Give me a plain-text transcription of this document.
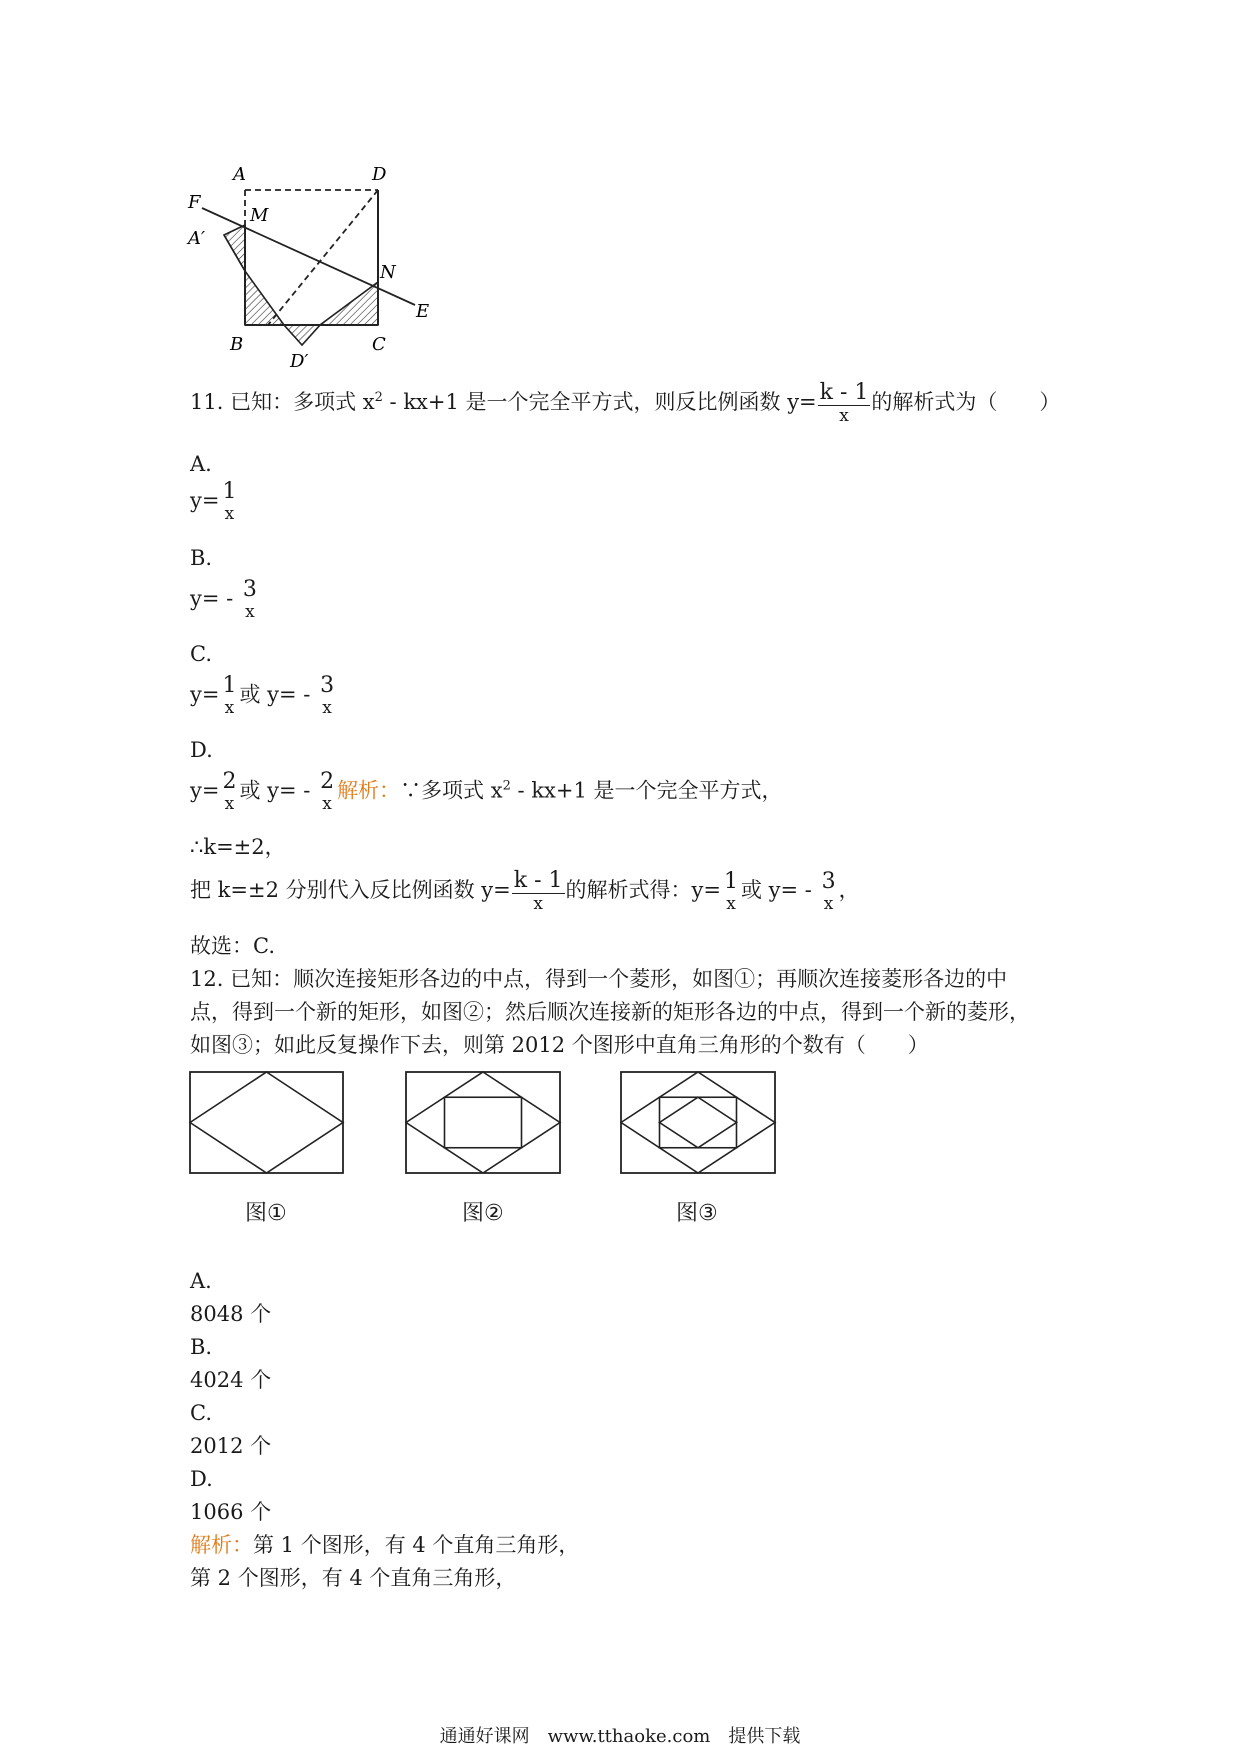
A	D
F
M
A′
N
E
B
D′
C
11. 已知：多项式 $x^2 - kx+1$ 是一个完全平方式，则反比例函数 $y= \frac{k - 1}{x}$ 的解析式为（　　）
A.
y= 1
x
B.
y= - 3
x
C.
y= 1
x
或 y= - 3
x
D.
y= 2
x
或 y= - 2
x
解析：∵多项式 $x^2 - kx+1$ 是一个完全平方式，
∴k=±2，
把 k=±2 分别代入反比例函数 $y= \frac{k - 1}{x}$ 的解析式得：y= 1
x
或 y= - 3
x
，
故选：C.
12. 已知：顺次连接矩形各边的中点，得到一个菱形，如图①；再顺次连接菱形各边的中
点，得到一个新的矩形，如图②；然后顺次连接新的矩形各边的中点，得到一个新的菱形，
如图③；如此反复操作下去，则第 2012 个图形中直角三角形的个数有（　　）
图①	图②	图③
A.
8048 个
B.
4024 个
C.
2012 个
D.
1066 个
解析：第 1 个图形，有 4 个直角三角形，
第 2 个图形，有 4 个直角三角形，
通通好课网　www.tthaoke.com　提供下载
